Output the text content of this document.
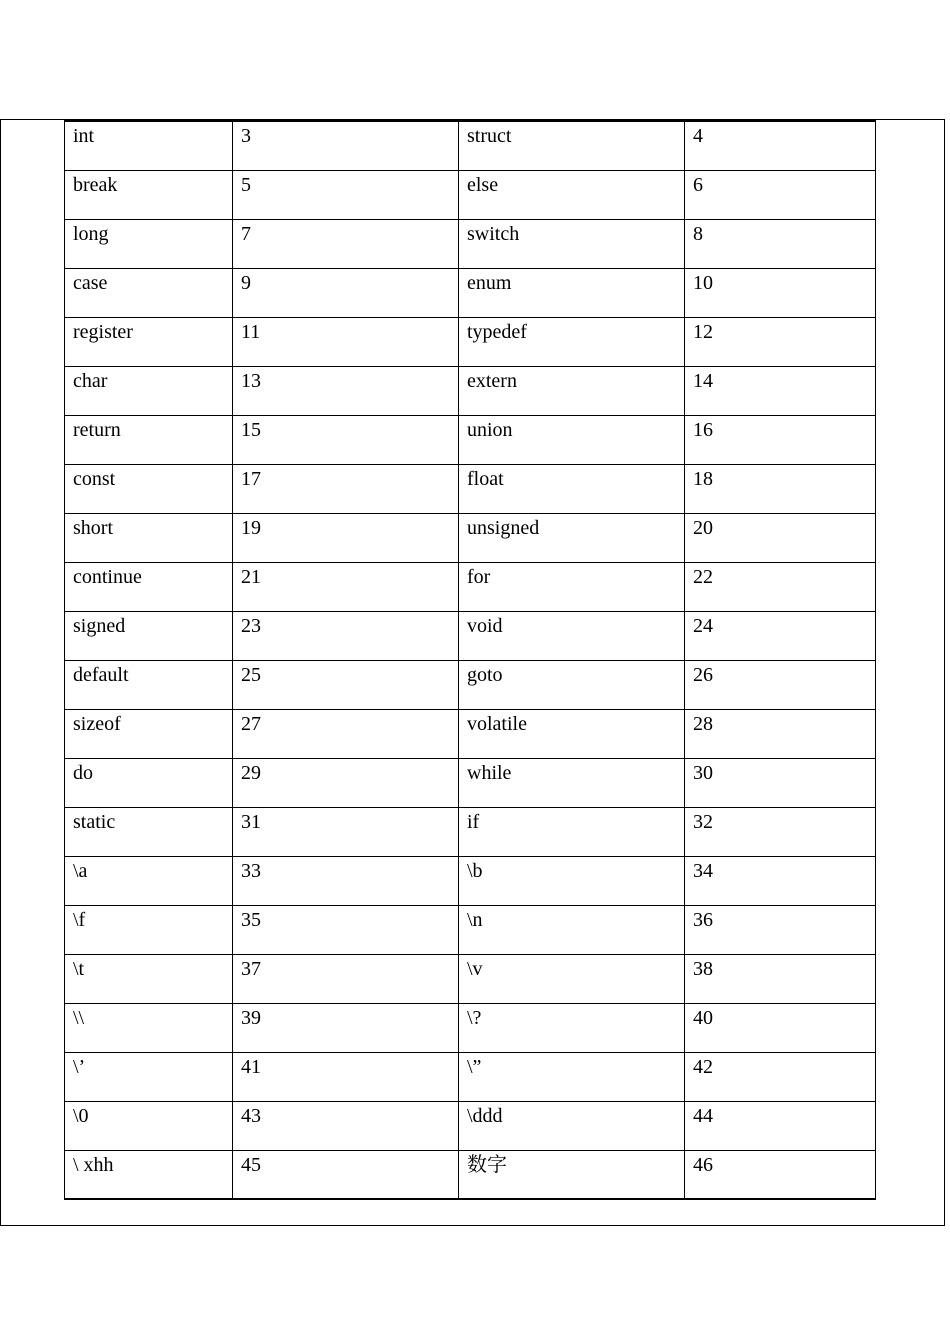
int	3	struct	4
break	5	else	6
long	7	switch	8
case	9	enum	10
register	11	typedef	12
char	13	extern	14
return	15	union	16
const	17	float	18
short	19	unsigned	20
continue	21	for	22
signed	23	void	24
default	25	goto	26
sizeof	27	volatile	28
do	29	while	30
static	31	if	32
\a	33	\b	34
\f	35	\n	36
\t	37	\v	38
\\	39	\?	40
\’	41	\”	42
\0	43	\ddd	44
\ xhh	45	数字	46
